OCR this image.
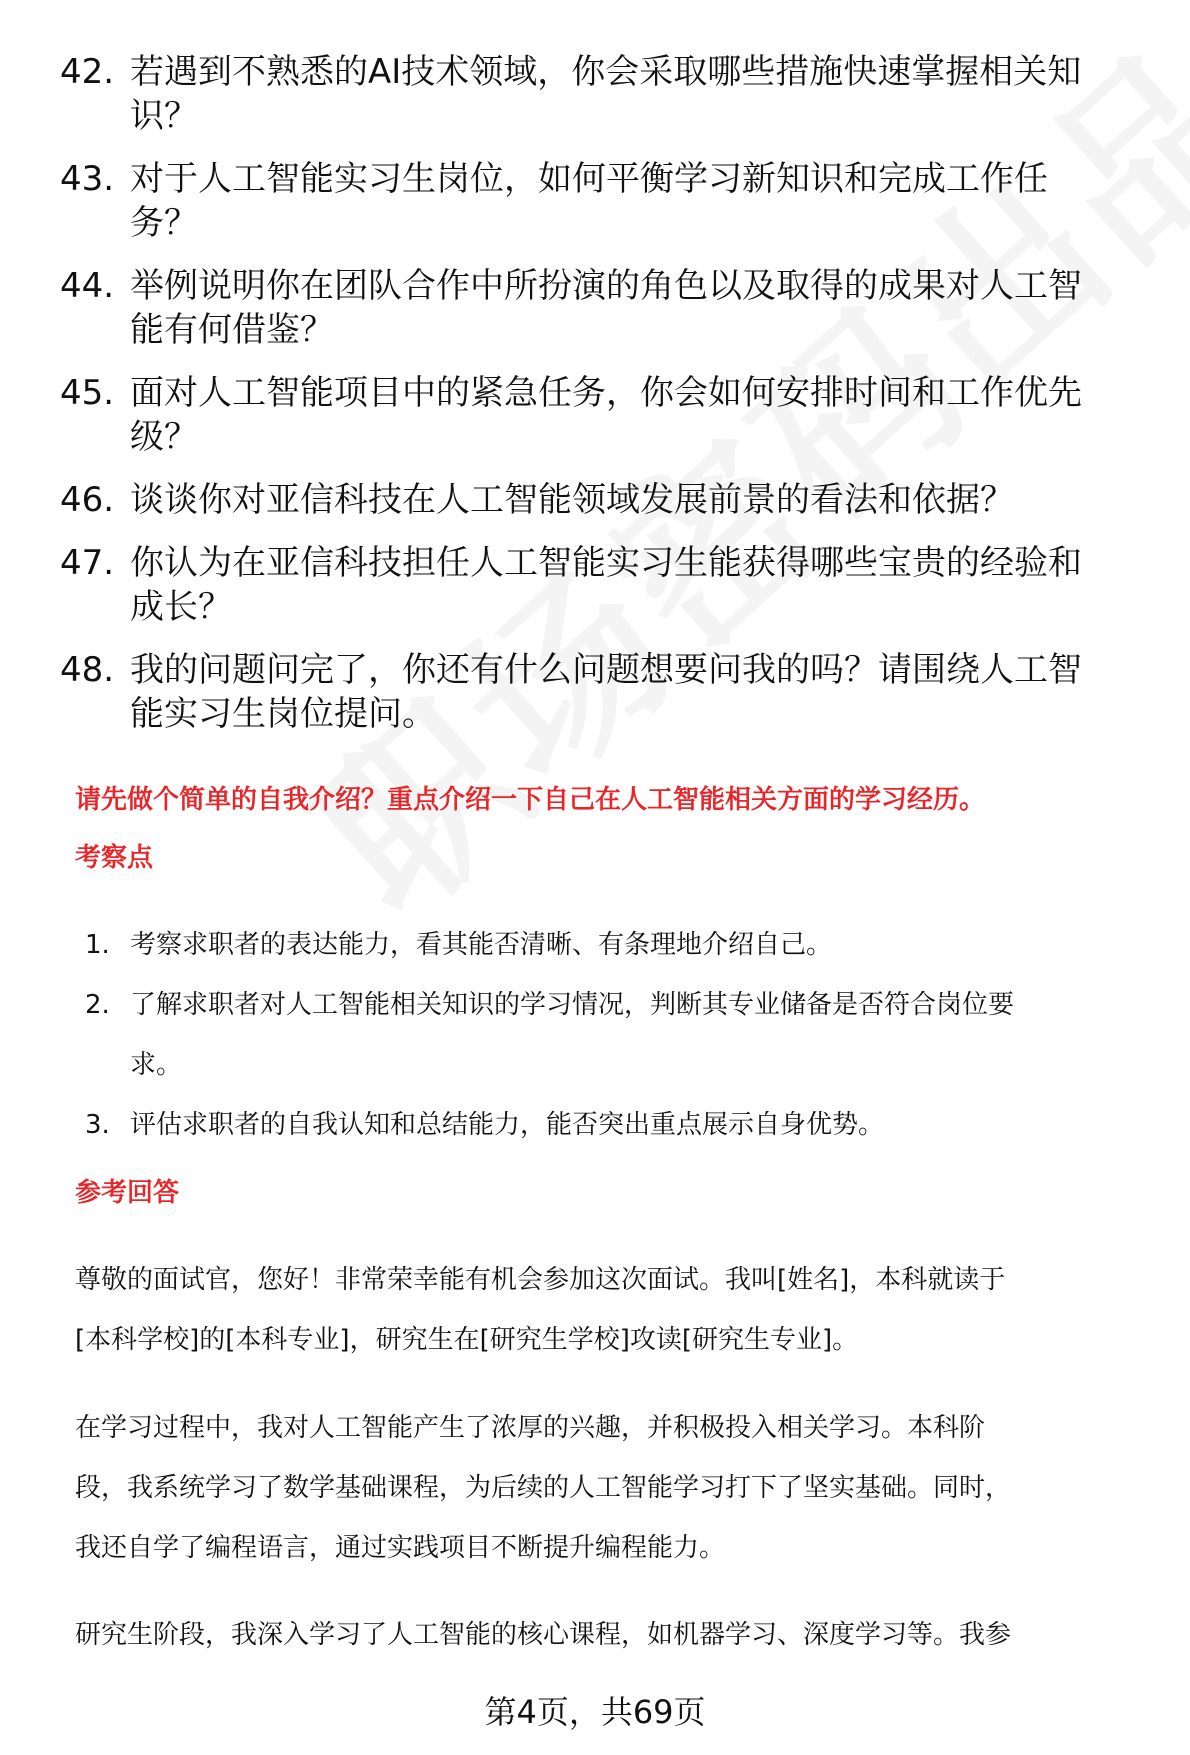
42. 若遇到不熟悉的AI技术领域，你会采取哪些措施快速掌握相关知
识？
43. 对于人工智能实习生岗位，如何平衡学习新知识和完成工作任
务？
44. 举例说明你在团队合作中所扮演的角色以及取得的成果对人工智
能有何借鉴？
45. 面对人工智能项目中的紧急任务，你会如何安排时间和工作优先
级？
46. 谈谈你对亚信科技在人工智能领域发展前景的看法和依据？
47. 你认为在亚信科技担任人工智能实习生能获得哪些宝贵的经验和
成长？
48. 我的问题问完了，你还有什么问题想要问我的吗？请围绕人工智
能实习生岗位提问。
请先做个简单的自我介绍？重点介绍一下自己在人工智能相关方面的学习经历。
考察点
1. 考察求职者的表达能力，看其能否清晰、有条理地介绍自己。
2. 了解求职者对人工智能相关知识的学习情况，判断其专业储备是否符合岗位要
求。
3. 评估求职者的自我认知和总结能力，能否突出重点展示自身优势。
参考回答

尊敬的面试官，您好！非常荣幸能有机会参加这次面试。我叫[姓名]，本科就读于

[本科学校]的[本科专业]，研究生在[研究生学校]攻读[研究生专业]。

在学习过程中，我对人工智能产生了浓厚的兴趣，并积极投入相关学习。本科阶

段，我系统学习了数学基础课程，为后续的人工智能学习打下了坚实基础。同时，

我还自学了编程语言，通过实践项目不断提升编程能力。

研究生阶段，我深入学习了人工智能的核心课程，如机器学习、深度学习等。我参

第4页，共69页
